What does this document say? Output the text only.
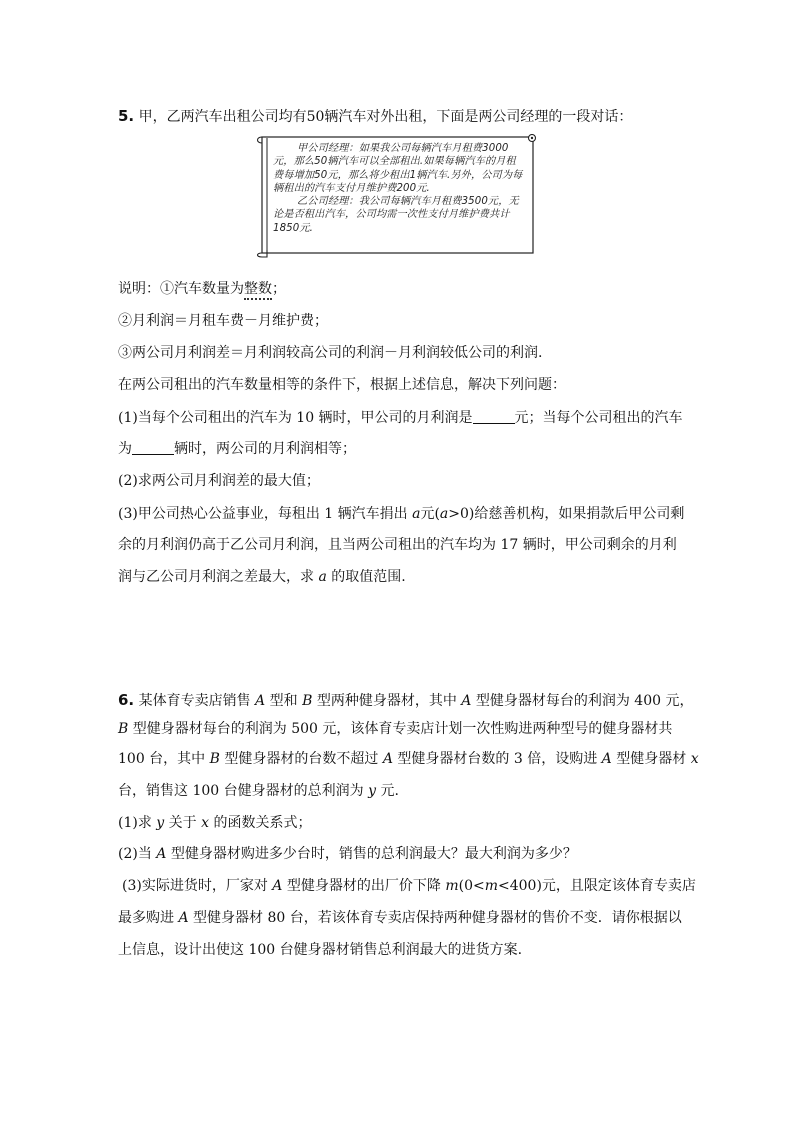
5. 甲，乙两汽车出租公司均有50辆汽车对外出租，下面是两公司经理的一段对话：

甲公司经理：如果我公司每辆汽车月租费3000元，那么50辆汽车可以全部租出.如果每辆汽车的月租费每增加50元，那么将少租出1辆汽车.另外，公司为每辆租出的汽车支付月维护费200元.

乙公司经理：我公司每辆汽车月租费3500元，无论是否租出汽车，公司均需一次性支付月维护费共计1850元.

说明：①汽车数量为整数；
②月利润＝月租车费－月维护费；
③两公司月利润差＝月利润较高公司的利润－月利润较低公司的利润.
在两公司租出的汽车数量相等的条件下，根据上述信息，解决下列问题：
(1)当每个公司租出的汽车为 10 辆时，甲公司的月利润是	元；当每个公司租出的汽车
为	辆时，两公司的月利润相等；
(2)求两公司月利润差的最大值；
(3)甲公司热心公益事业，每租出 1 辆汽车捐出 a元(a>0)给慈善机构，如果捐款后甲公司剩
余的月利润仍高于乙公司月利润，且当两公司租出的汽车均为 17 辆时，甲公司剩余的月利
润与乙公司月利润之差最大，求 a 的取值范围.
6. 某体育专卖店销售 A 型和 B 型两种健身器材，其中 A 型健身器材每台的利润为 400 元，
B 型健身器材每台的利润为 500 元，该体育专卖店计划一次性购进两种型号的健身器材共
100 台，其中 B 型健身器材的台数不超过 A 型健身器材台数的 3 倍，设购进 A 型健身器材 x
台，销售这 100 台健身器材的总利润为 y 元.
(1)求 y 关于 x 的函数关系式；
(2)当 A 型健身器材购进多少台时，销售的总利润最大？最大利润为多少？
(3)实际进货时，厂家对 A 型健身器材的出厂价下降 m(0<m<400)元，且限定该体育专卖店
最多购进 A 型健身器材 80 台，若该体育专卖店保持两种健身器材的售价不变．请你根据以
上信息，设计出使这 100 台健身器材销售总利润最大的进货方案.
